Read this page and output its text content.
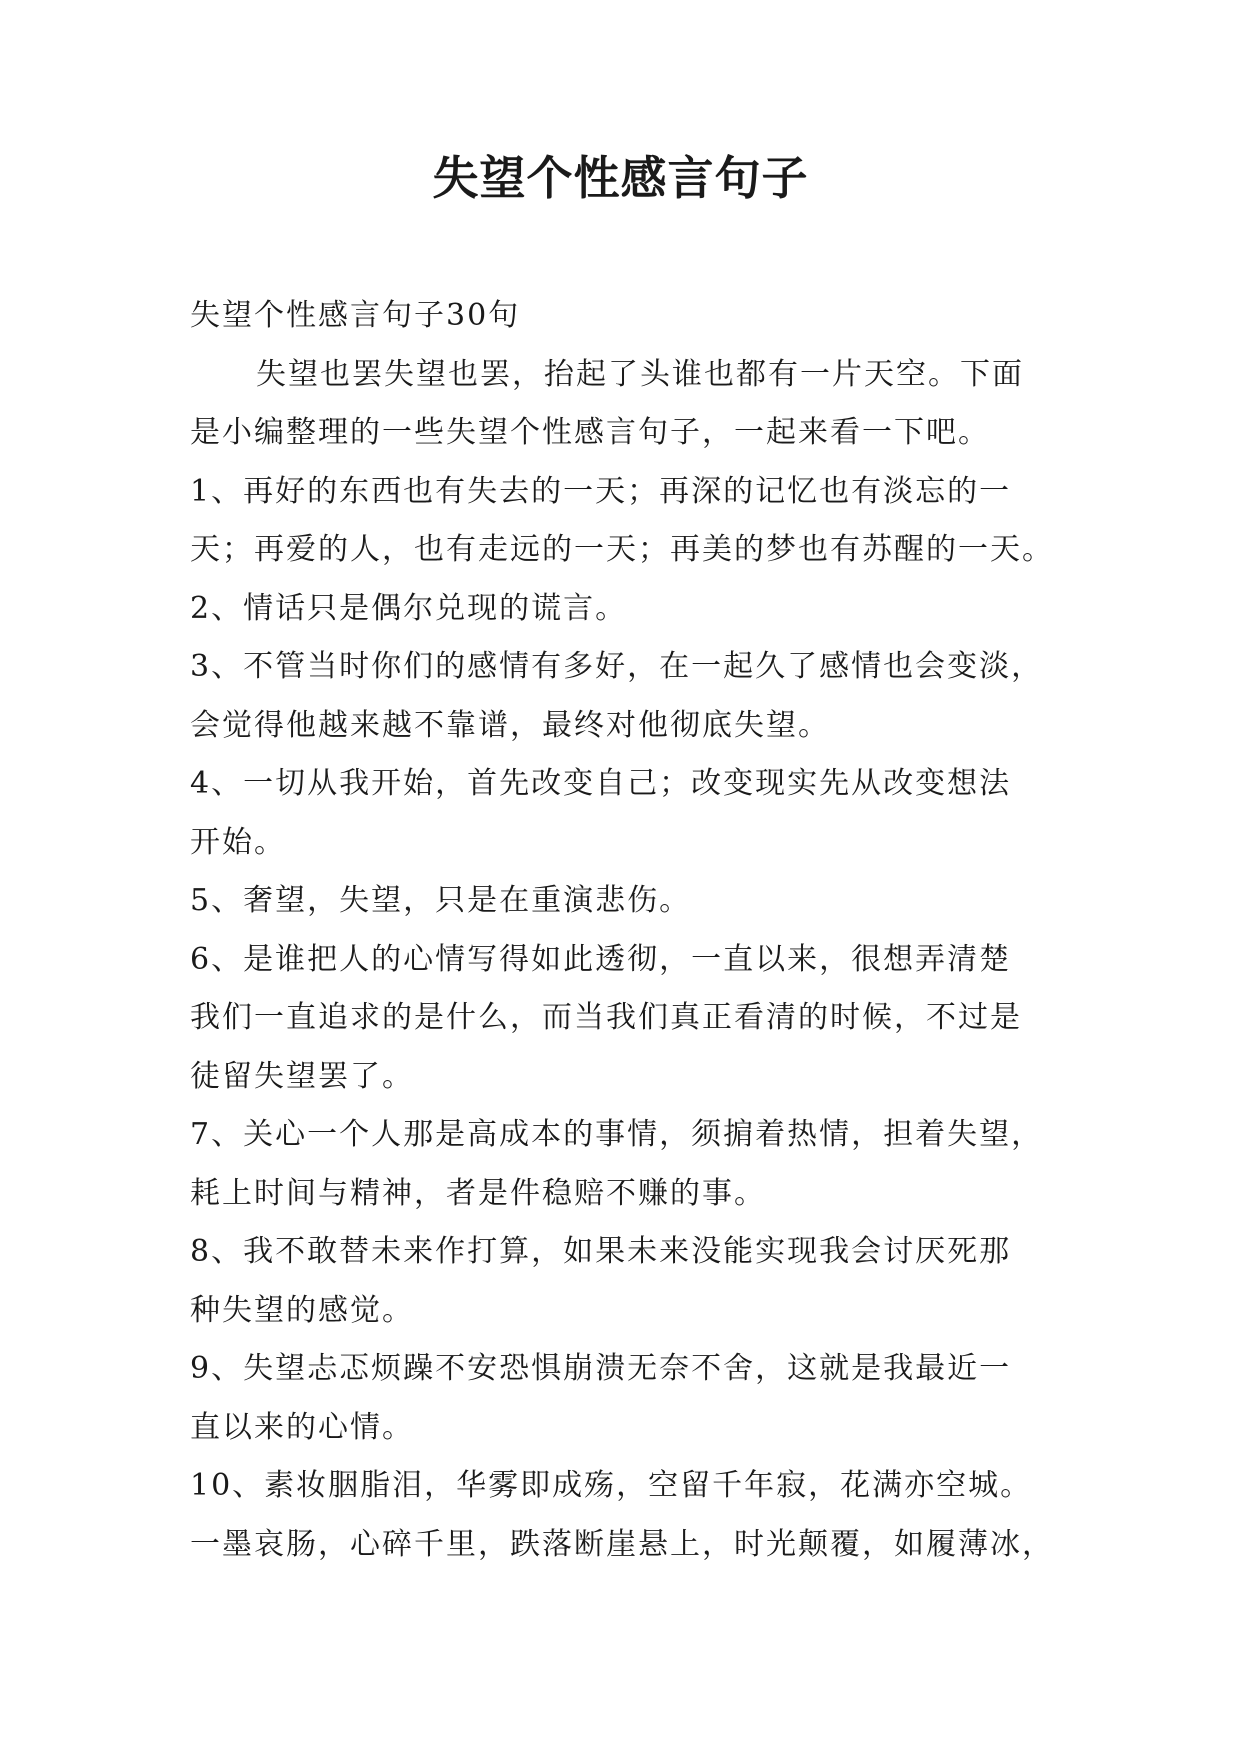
失望个性感言句子

失望个性感言句子30句

失望也罢失望也罢，抬起了头谁也都有一片天空。下面

是小编整理的一些失望个性感言句子，一起来看一下吧。

1、再好的东西也有失去的一天；再深的记忆也有淡忘的一

天；再爱的人，也有走远的一天；再美的梦也有苏醒的一天。

2、情话只是偶尔兑现的谎言。

3、不管当时你们的感情有多好，在一起久了感情也会变淡，

会觉得他越来越不靠谱，最终对他彻底失望。

4、一切从我开始，首先改变自己；改变现实先从改变想法

开始。

5、奢望，失望，只是在重演悲伤。

6、是谁把人的心情写得如此透彻，一直以来，很想弄清楚

我们一直追求的是什么，而当我们真正看清的时候，不过是

徒留失望罢了。

7、关心一个人那是高成本的事情，须掮着热情，担着失望，

耗上时间与精神，者是件稳赔不赚的事。

8、我不敢替未来作打算，如果未来没能实现我会讨厌死那

种失望的感觉。

9、失望忐忑烦躁不安恐惧崩溃无奈不舍，这就是我最近一

直以来的心情。

10、素妆胭脂泪，华雾即成殇，空留千年寂，花满亦空城。

一墨哀肠，心碎千里，跌落断崖悬上，时光颠覆，如履薄冰，
